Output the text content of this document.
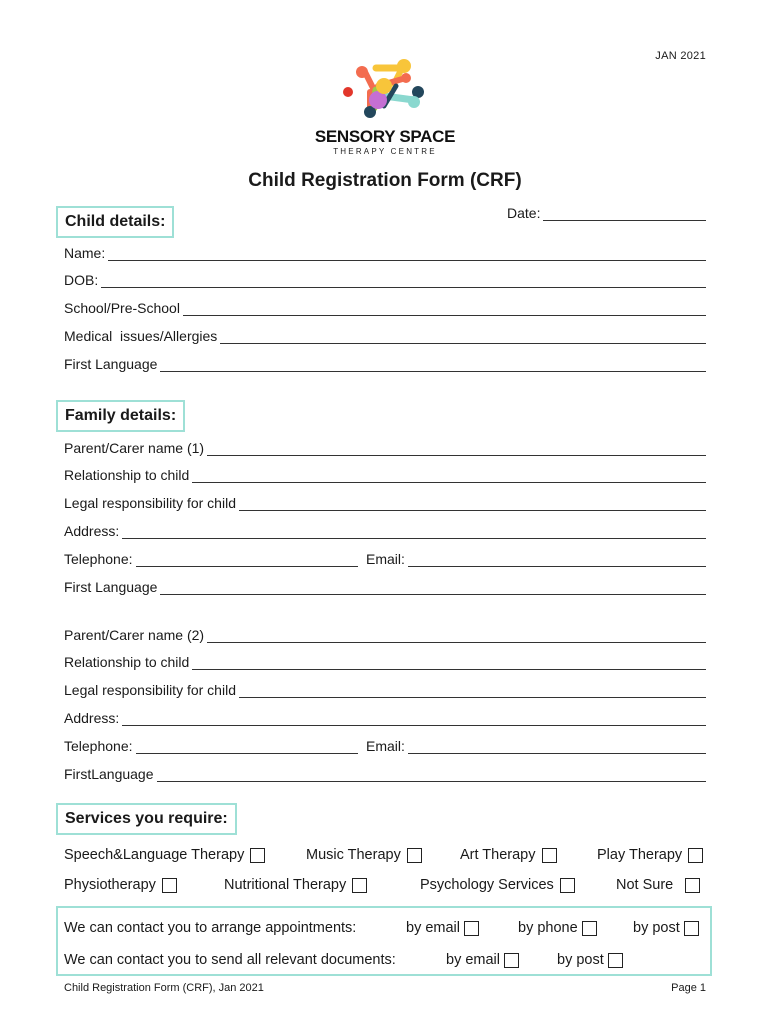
JAN 2021
SENSORY SPACE
THERAPY CENTRE
Child Registration Form (CRF)
Child details:	Date:
Name:
DOB:
School/Pre-School
Medical  issues/Allergies
First Language
Family details:
Parent/Carer name (1)
Relationship to child
Legal responsibility for child
Address:
Telephone:	Email:
First Language
Parent/Carer name (2)
Relationship to child
Legal responsibility for child
Address:
Telephone:	Email:
FirstLanguage
Services you require:
Speech&Language Therapy	Music Therapy	Art Therapy	Play Therapy
Physiotherapy	Nutritional Therapy	Psychology Services	Not Sure
We can contact you to arrange appointments:	by email	by phone	by post
We can contact you to send all relevant documents:	by email	by post
Child Registration Form (CRF), Jan 2021	Page 1
